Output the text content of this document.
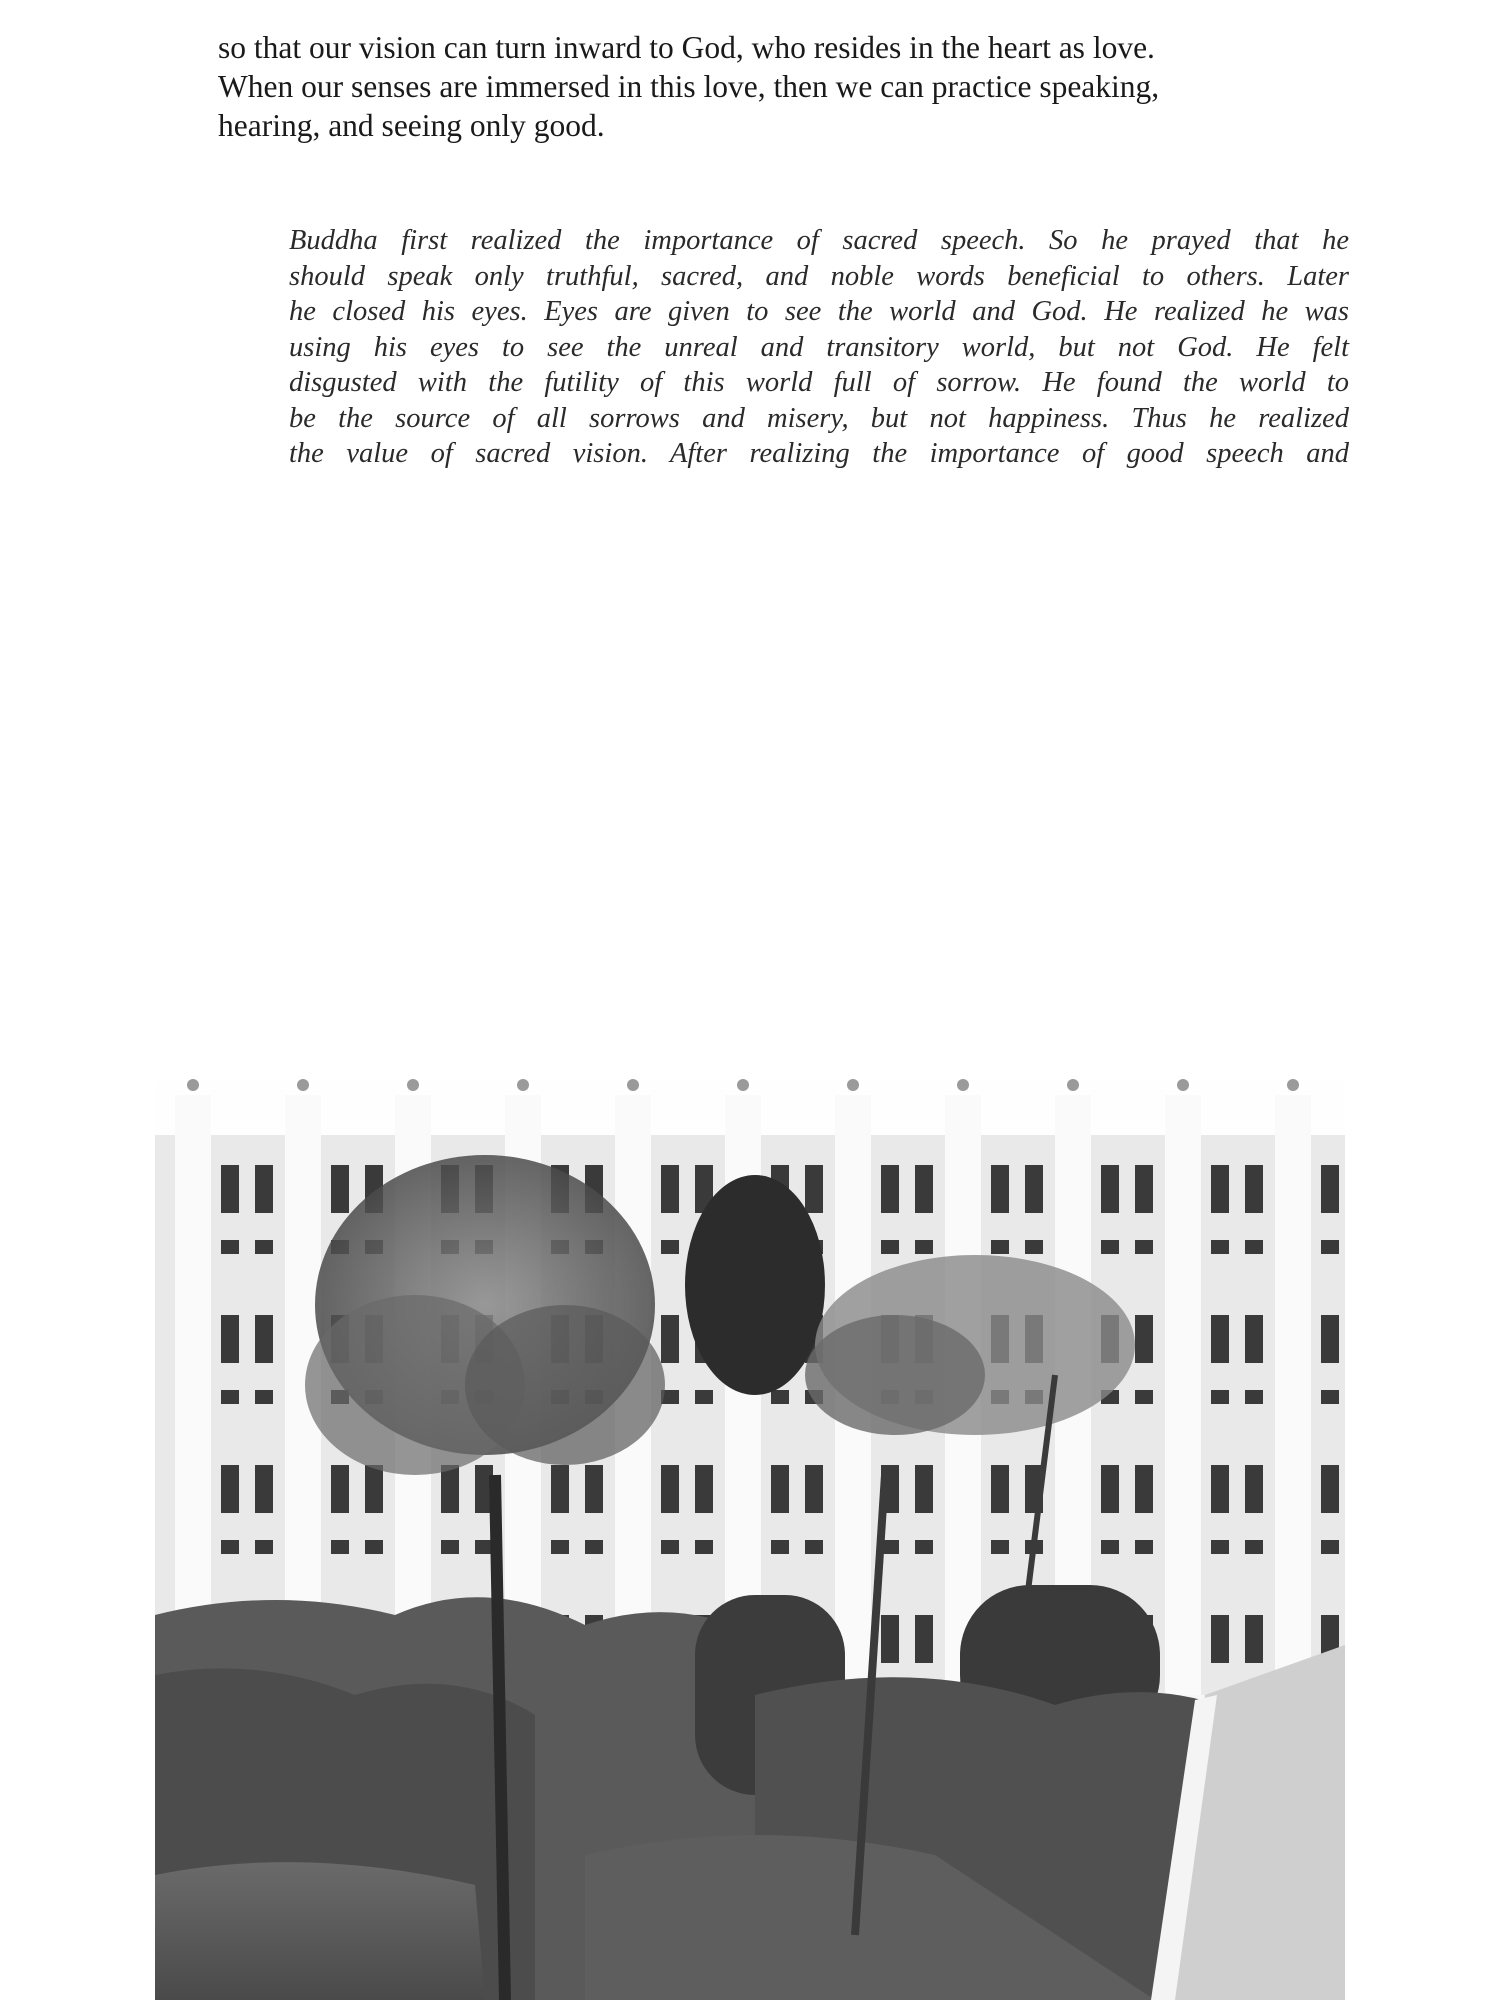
so that our vision can turn inward to God, who resides in the heart as love.
When our senses are immersed in this love, then we can practice speaking,
hearing, and seeing only good.
Buddha first realized the importance of sacred speech. So he prayed that he
should speak only truthful, sacred, and noble words beneficial to others. Later
he closed his eyes. Eyes are given to see the world and God. He realized he was
using his eyes to see the unreal and transitory world, but not God. He felt
disgusted with the futility of this world full of sorrow. He found the world to
be the source of all sorrows and misery, but not happiness. Thus he realized
the value of sacred vision. After realizing the importance of good speech and
